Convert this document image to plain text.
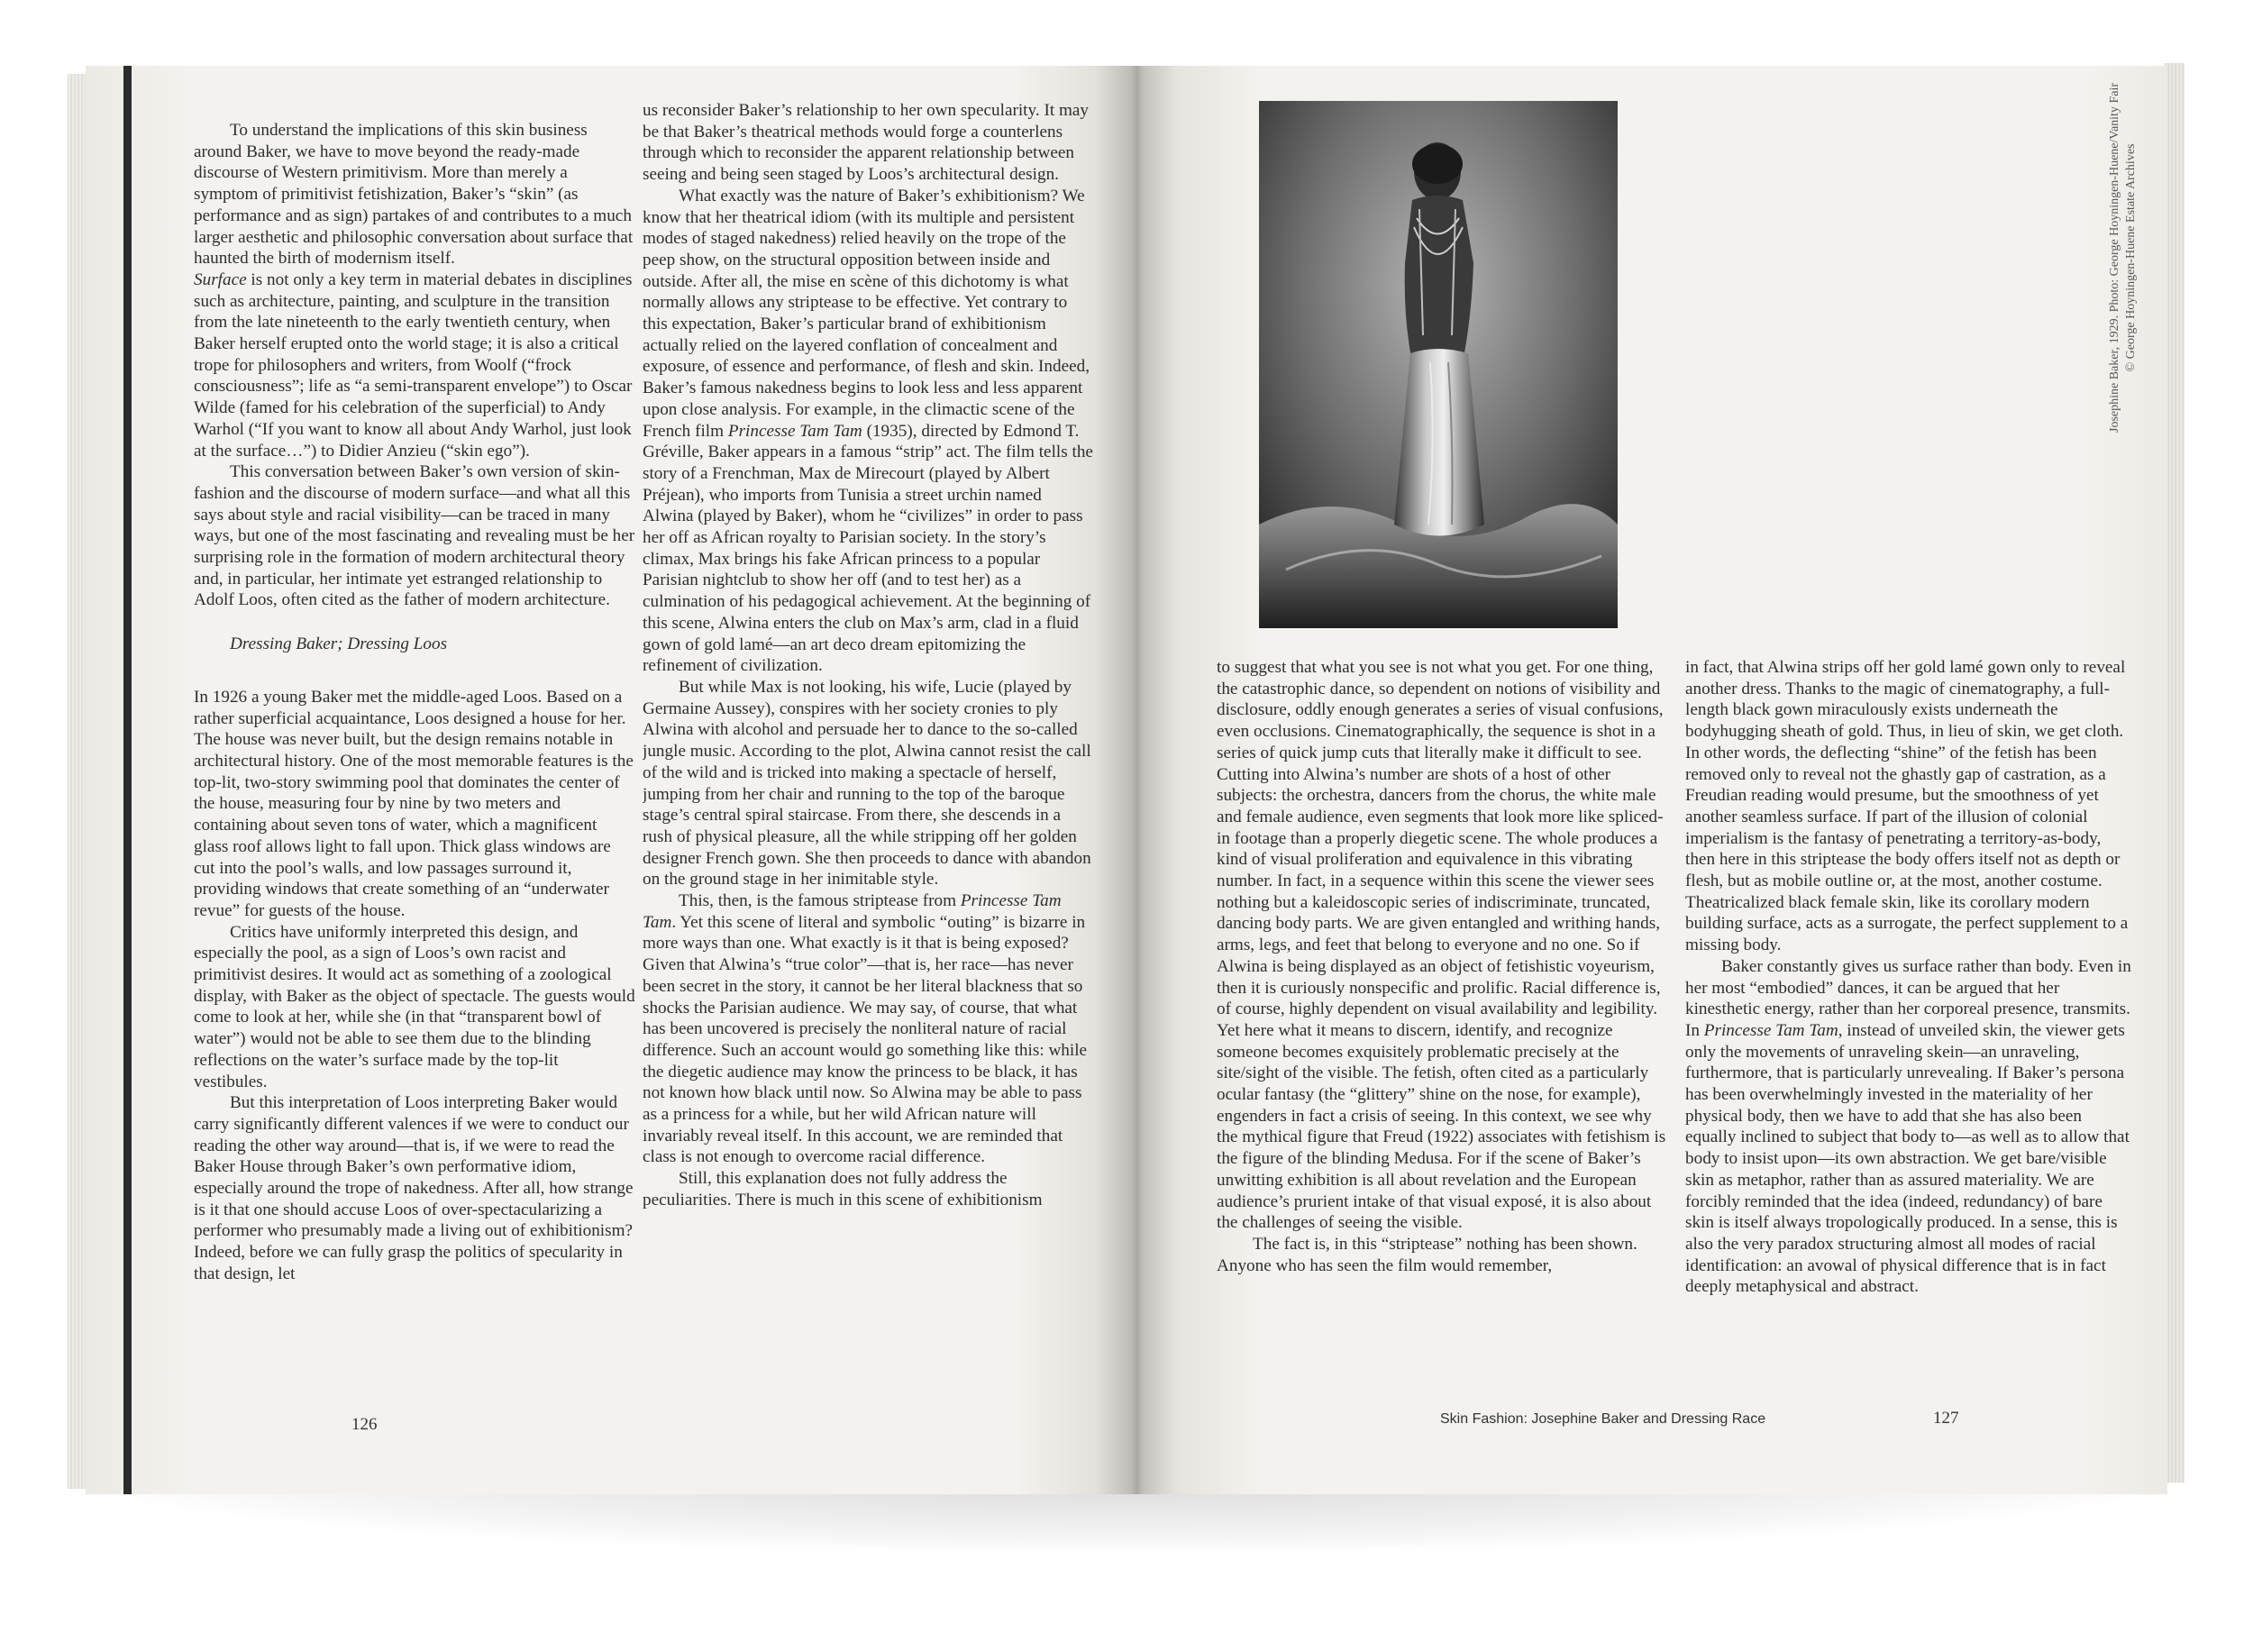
To understand the implications of this skin business around Baker, we have to move beyond the ready-made discourse of Western primitivism. More than merely a symptom of primitivist fetishization, Baker’s “skin” (as performance and as sign) partakes of and contributes to a much larger aesthetic and philosophic conversation about surface that haunted the birth of modernism itself.

Surface is not only a key term in material debates in disciplines such as architecture, painting, and sculpture in the transition from the late nineteenth to the early twentieth century, when Baker herself erupted onto the world stage; it is also a critical trope for philosophers and writers, from Woolf (“frock consciousness”; life as “a semi-transparent envelope”) to Oscar Wilde (famed for his celebration of the superficial) to Andy Warhol (“If you want to know all about Andy Warhol, just look at the surface…”) to Didier Anzieu (“skin ego”).

This conversation between Baker’s own version of skin-fashion and the discourse of modern surface—and what all this says about style and racial visibility—can be traced in many ways, but one of the most fascinating and revealing must be her surprising role in the formation of modern architectural theory and, in particular, her intimate yet estranged relationship to Adolf Loos, often cited as the father of modern architecture.

Dressing Baker; Dressing Loos

In 1926 a young Baker met the middle-aged Loos. Based on a rather superficial acquaintance, Loos designed a house for her. The house was never built, but the design remains notable in architectural history. One of the most memorable features is the top-lit, two-story swimming pool that dominates the center of the house, measuring four by nine by two meters and containing about seven tons of water, which a magnificent glass roof allows light to fall upon. Thick glass windows are cut into the pool’s walls, and low passages surround it, providing windows that create something of an “underwater revue” for guests of the house.

Critics have uniformly interpreted this design, and especially the pool, as a sign of Loos’s own racist and primitivist desires. It would act as something of a zoological display, with Baker as the object of spectacle. The guests would come to look at her, while she (in that “transparent bowl of water”) would not be able to see them due to the blinding reflections on the water’s surface made by the top-lit vestibules.

But this interpretation of Loos interpreting Baker would carry significantly different valences if we were to conduct our reading the other way around—that is, if we were to read the Baker House through Baker’s own performative idiom, especially around the trope of nakedness. After all, how strange is it that one should accuse Loos of over-spectacularizing a performer who presumably made a living out of exhibitionism? Indeed, before we can fully grasp the politics of specularity in that design, let

us reconsider Baker’s relationship to her own specularity. It may be that Baker’s theatrical methods would forge a counterlens through which to reconsider the apparent relationship between seeing and being seen staged by Loos’s architectural design.

What exactly was the nature of Baker’s exhibitionism? We know that her theatrical idiom (with its multiple and persistent modes of staged nakedness) relied heavily on the trope of the peep show, on the structural opposition between inside and outside. After all, the mise en scène of this dichotomy is what normally allows any striptease to be effective. Yet contrary to this expectation, Baker’s particular brand of exhibitionism actually relied on the layered conflation of concealment and exposure, of essence and performance, of flesh and skin. Indeed, Baker’s famous nakedness begins to look less and less apparent upon close analysis. For example, in the climactic scene of the French film Princesse Tam Tam (1935), directed by Edmond T. Gréville, Baker appears in a famous “strip” act. The film tells the story of a Frenchman, Max de Mirecourt (played by Albert Préjean), who imports from Tunisia a street urchin named Alwina (played by Baker), whom he “civilizes” in order to pass her off as African royalty to Parisian society. In the story’s climax, Max brings his fake African princess to a popular Parisian nightclub to show her off (and to test her) as a culmination of his pedagogical achievement. At the beginning of this scene, Alwina enters the club on Max’s arm, clad in a fluid gown of gold lamé—an art deco dream epitomizing the refinement of civilization.

But while Max is not looking, his wife, Lucie (played by Germaine Aussey), conspires with her society cronies to ply Alwina with alcohol and persuade her to dance to the so-called jungle music. According to the plot, Alwina cannot resist the call of the wild and is tricked into making a spectacle of herself, jumping from her chair and running to the top of the baroque stage’s central spiral staircase. From there, she descends in a rush of physical pleasure, all the while stripping off her golden designer French gown. She then proceeds to dance with abandon on the ground stage in her inimitable style.

This, then, is the famous striptease from Princesse Tam Tam. Yet this scene of literal and symbolic “outing” is bizarre in more ways than one. What exactly is it that is being exposed? Given that Alwina’s “true color”—that is, her race—has never been secret in the story, it cannot be her literal blackness that so shocks the Parisian audience. We may say, of course, that what has been uncovered is precisely the nonliteral nature of racial difference. Such an account would go something like this: while the diegetic audience may know the princess to be black, it has not known how black until now. So Alwina may be able to pass as a princess for a while, but her wild African nature will invariably reveal itself. In this account, we are reminded that class is not enough to overcome racial difference.

Still, this explanation does not fully address the peculiarities. There is much in this scene of exhibitionism

126
Josephine Baker, 1929. Photo: George Hoyningen-Huene/Vanity Fair © George Hoyningen-Huene Estate Archives

to suggest that what you see is not what you get. For one thing, the catastrophic dance, so dependent on notions of visibility and disclosure, oddly enough generates a series of visual confusions, even occlusions. Cinematographically, the sequence is shot in a series of quick jump cuts that literally make it difficult to see. Cutting into Alwina’s number are shots of a host of other subjects: the orchestra, dancers from the chorus, the white male and female audience, even segments that look more like spliced-in footage than a properly diegetic scene. The whole produces a kind of visual proliferation and equivalence in this vibrating number. In fact, in a sequence within this scene the viewer sees nothing but a kaleidoscopic series of indiscriminate, truncated, dancing body parts. We are given entangled and writhing hands, arms, legs, and feet that belong to everyone and no one. So if Alwina is being displayed as an object of fetishistic voyeurism, then it is curiously nonspecific and prolific. Racial difference is, of course, highly dependent on visual availability and legibility. Yet here what it means to discern, identify, and recognize someone becomes exquisitely problematic precisely at the site/sight of the visible. The fetish, often cited as a particularly ocular fantasy (the “glittery” shine on the nose, for example), engenders in fact a crisis of seeing. In this context, we see why the mythical figure that Freud (1922) associates with fetishism is the figure of the blinding Medusa. For if the scene of Baker’s unwitting exhibition is all about revelation and the European audience’s prurient intake of that visual exposé, it is also about the challenges of seeing the visible.

The fact is, in this “striptease” nothing has been shown. Anyone who has seen the film would remember,

in fact, that Alwina strips off her gold lamé gown only to reveal another dress. Thanks to the magic of cinematography, a full-length black gown miraculously exists underneath the bodyhugging sheath of gold. Thus, in lieu of skin, we get cloth. In other words, the deflecting “shine” of the fetish has been removed only to reveal not the ghastly gap of castration, as a Freudian reading would presume, but the smoothness of yet another seamless surface. If part of the illusion of colonial imperialism is the fantasy of penetrating a territory-as-body, then here in this striptease the body offers itself not as depth or flesh, but as mobile outline or, at the most, another costume. Theatricalized black female skin, like its corollary modern building surface, acts as a surrogate, the perfect supplement to a missing body.

Baker constantly gives us surface rather than body. Even in her most “embodied” dances, it can be argued that her kinesthetic energy, rather than her corporeal presence, transmits. In Princesse Tam Tam, instead of unveiled skin, the viewer gets only the movements of unraveling skein—an unraveling, furthermore, that is particularly unrevealing. If Baker’s persona has been overwhelmingly invested in the materiality of her physical body, then we have to add that she has also been equally inclined to subject that body to—as well as to allow that body to insist upon—its own abstraction. We get bare/visible skin as metaphor, rather than as assured materiality. We are forcibly reminded that the idea (indeed, redundancy) of bare skin is itself always tropologically produced. In a sense, this is also the very paradox structuring almost all modes of racial identification: an avowal of physical difference that is in fact deeply metaphysical and abstract.

Skin Fashion: Josephine Baker and Dressing Race	127
